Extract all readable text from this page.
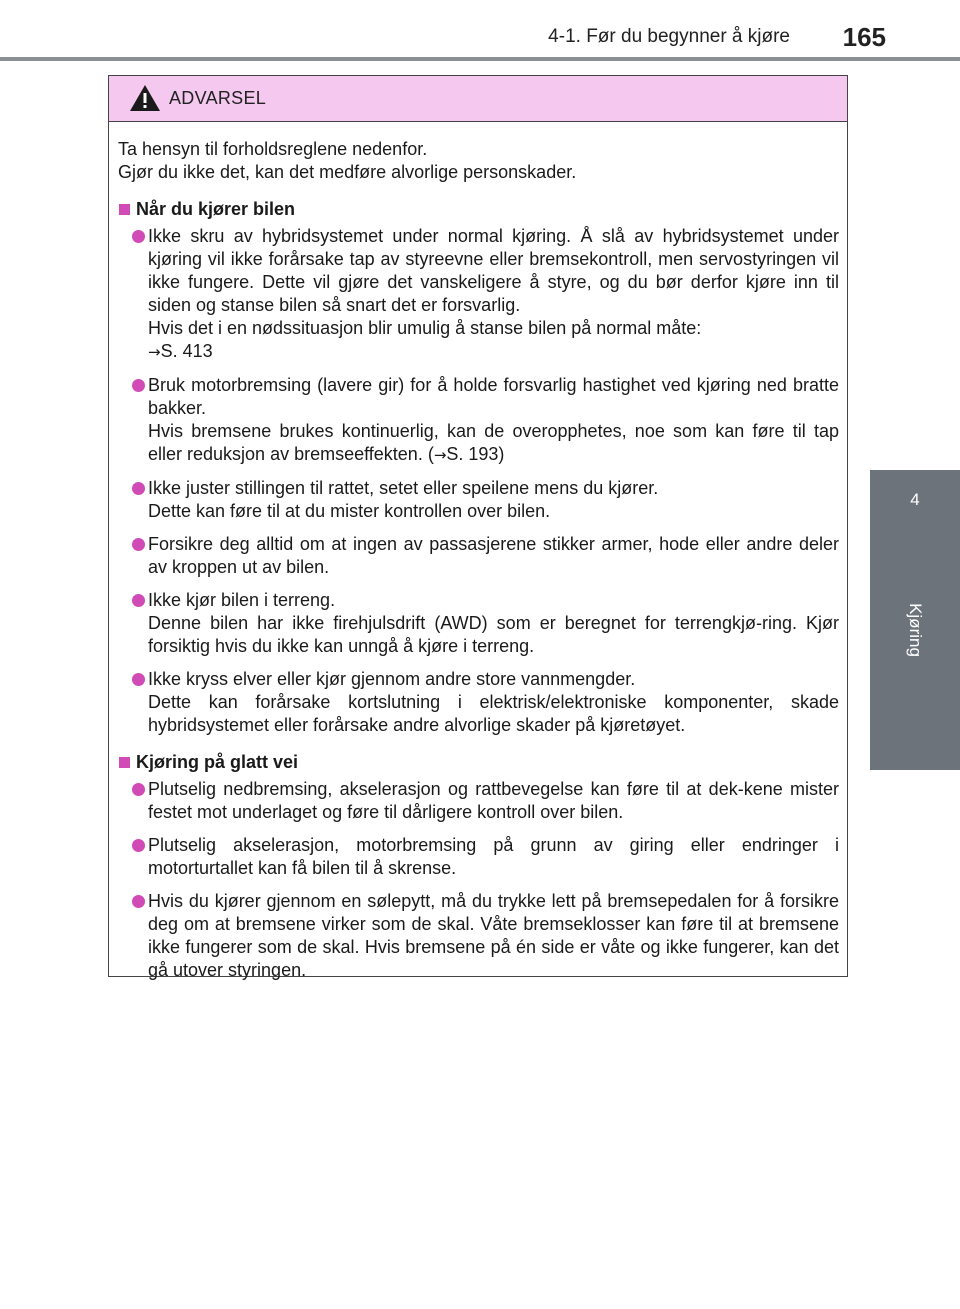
4-1. Før du begynner å kjøre	165
4
Kjøring
ADVARSEL

Ta hensyn til forholdsreglene nedenfor.

Gjør du ikke det, kan det medføre alvorlige personskader.

Når du kjører bilen

Ikke skru av hybridsystemet under normal kjøring. Å slå av hybridsystemet under kjøring vil ikke forårsake tap av styreevne eller bremsekontroll, men servostyringen vil ikke fungere. Dette vil gjøre det vanskeligere å styre, og du bør derfor kjøre inn til siden og stanse bilen så snart det er forsvarlig.

Hvis det i en nødssituasjon blir umulig å stanse bilen på normal måte:
→S. 413

Bruk motorbremsing (lavere gir) for å holde forsvarlig hastighet ved kjøring ned bratte bakker.

Hvis bremsene brukes kontinuerlig, kan de overopphetes, noe som kan føre til tap eller reduksjon av bremseeffekten. (→S. 193)

Ikke juster stillingen til rattet, setet eller speilene mens du kjører.

Dette kan føre til at du mister kontrollen over bilen.

Forsikre deg alltid om at ingen av passasjerene stikker armer, hode eller andre deler av kroppen ut av bilen.

Ikke kjør bilen i terreng.

Denne bilen har ikke firehjulsdrift (AWD) som er beregnet for terrengkjø-ring. Kjør forsiktig hvis du ikke kan unngå å kjøre i terreng.

Ikke kryss elver eller kjør gjennom andre store vannmengder.

Dette kan forårsake kortslutning i elektrisk/elektroniske komponenter, skade hybridsystemet eller forårsake andre alvorlige skader på kjøretøyet.

Kjøring på glatt vei

Plutselig nedbremsing, akselerasjon og rattbevegelse kan føre til at dek-kene mister festet mot underlaget og føre til dårligere kontroll over bilen.

Plutselig akselerasjon, motorbremsing på grunn av giring eller endringer i motorturtallet kan få bilen til å skrense.

Hvis du kjører gjennom en sølepytt, må du trykke lett på bremsepedalen for å forsikre deg om at bremsene virker som de skal. Våte bremseklosser kan føre til at bremsene ikke fungerer som de skal. Hvis bremsene på én side er våte og ikke fungerer, kan det gå utover styringen.
